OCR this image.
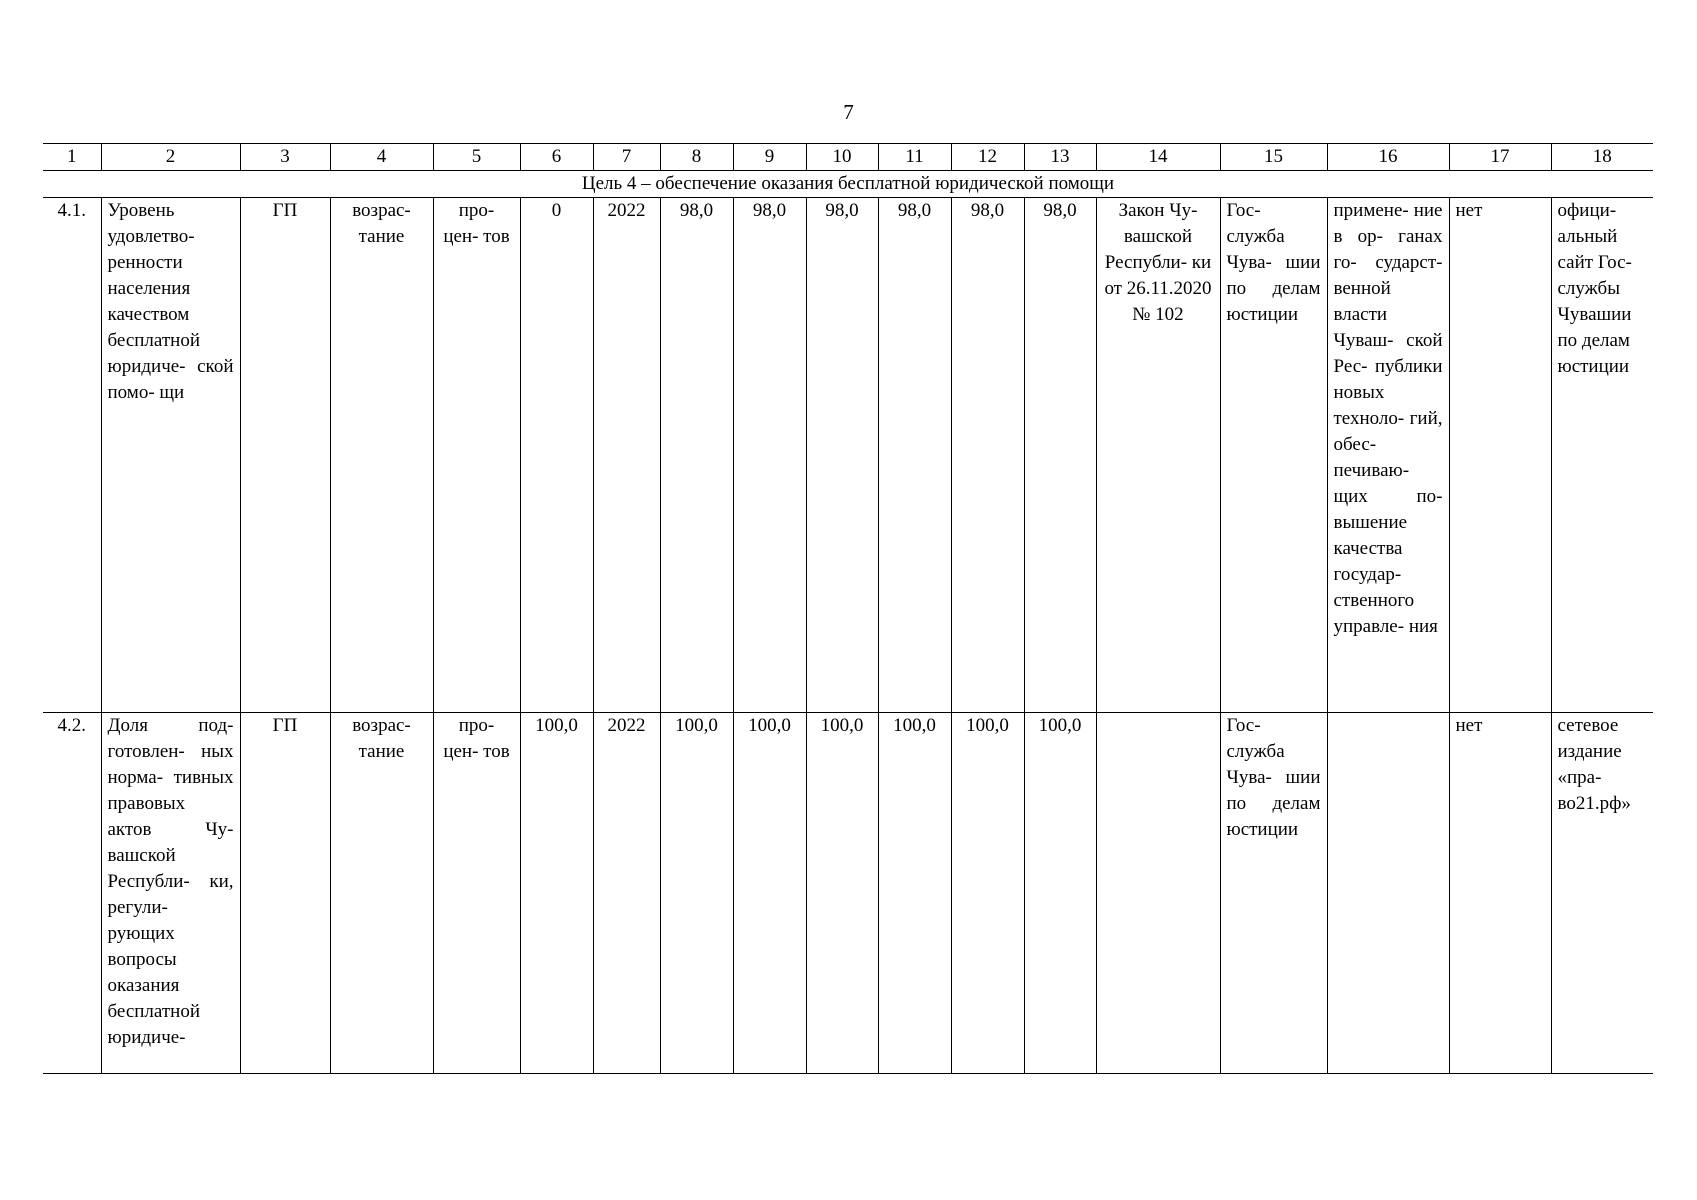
7
1	2	3	4	5	6	7	8	9	10	11	12	13	14	15	16	17	18
Цель 4 – обеспечение оказания бесплатной юридической помощи																	
4.1.	Уровень удовлетво- ренности населения качеством бесплатной юридиче- ской помо- щи	ГП	возрас- тание	про- цен- тов	0	2022	98,0	98,0	98,0	98,0	98,0	98,0	Закон Чу- вашской Республи- ки от 26.11.2020 № 102	Гос- служба Чува- шии по делам юстиции	примене- ние в ор- ганах го- сударст- венной власти Чуваш- ской Рес- публики новых техноло- гий, обес- печиваю- щих по- вышение качества государ- ственного управле- ния	нет	офици- альный сайт Гос- службы Чувашии по делам юстиции
4.2.	Доля под- готовлен- ных норма- тивных правовых актов Чу- вашской Республи- ки, регули- рующих вопросы оказания бесплатной юридиче-	ГП	возрас- тание	про- цен- тов	100,0	2022	100,0	100,0	100,0	100,0	100,0	100,0		Гос- служба Чува- шии по делам юстиции		нет	сетевое издание «пра- во21.рф»
